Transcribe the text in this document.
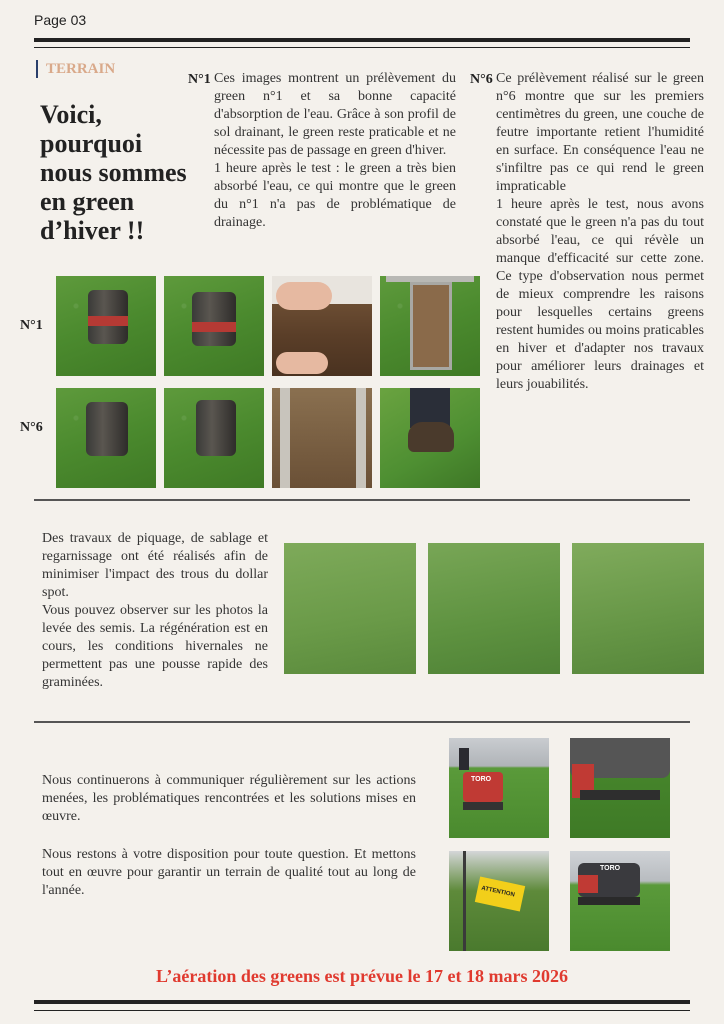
Page 03
TERRAIN
Voici, pourquoi nous sommes en green d’hiver !!
N°1 Ces images montrent un prélèvement du green n°1 et sa bonne capacité d'absorption de l'eau. Grâce à son profil de sol drainant, le green reste praticable et ne nécessite pas de passage en green d'hiver.

1 heure après le test : le green a très bien absorbé l'eau, ce qui montre que le green du n°1 n'a pas de problématique de drainage.

N°6 Ce prélèvement réalisé sur le green n°6 montre que sur les premiers centimètres du green, une couche de feutre importante retient l'humidité en surface. En conséquence l'eau ne s'infiltre pas ce qui rend le green impraticable

1 heure après le test, nous avons constaté que le green n'a pas du tout absorbé l'eau, ce qui révèle un manque d'efficacité sur cette zone. Ce type d'observation nous permet de mieux comprendre les raisons pour lesquelles certains greens restent humides ou moins praticables en hiver et d'adapter nos travaux pour améliorer leurs drainages et leurs jouabilités.

N°1
N°6

Des travaux de piquage, de sablage et regarnissage ont été réalisés afin de minimiser l'impact des trous du dollar spot.

Vous pouvez observer sur les photos la levée des semis. La régénération est en cours, les conditions hivernales ne permettent pas une pousse rapide des graminées.

Nous continuerons à communiquer régulièrement sur les actions menées, les problématiques rencontrées et les solutions mises en œuvre.
Nous restons à votre disposition pour toute question. Et mettons tout en œuvre pour garantir un terrain de qualité tout au long de l'année.
TORO
ATTENTION
TORO
L’aération des greens est prévue le 17 et 18 mars 2026
